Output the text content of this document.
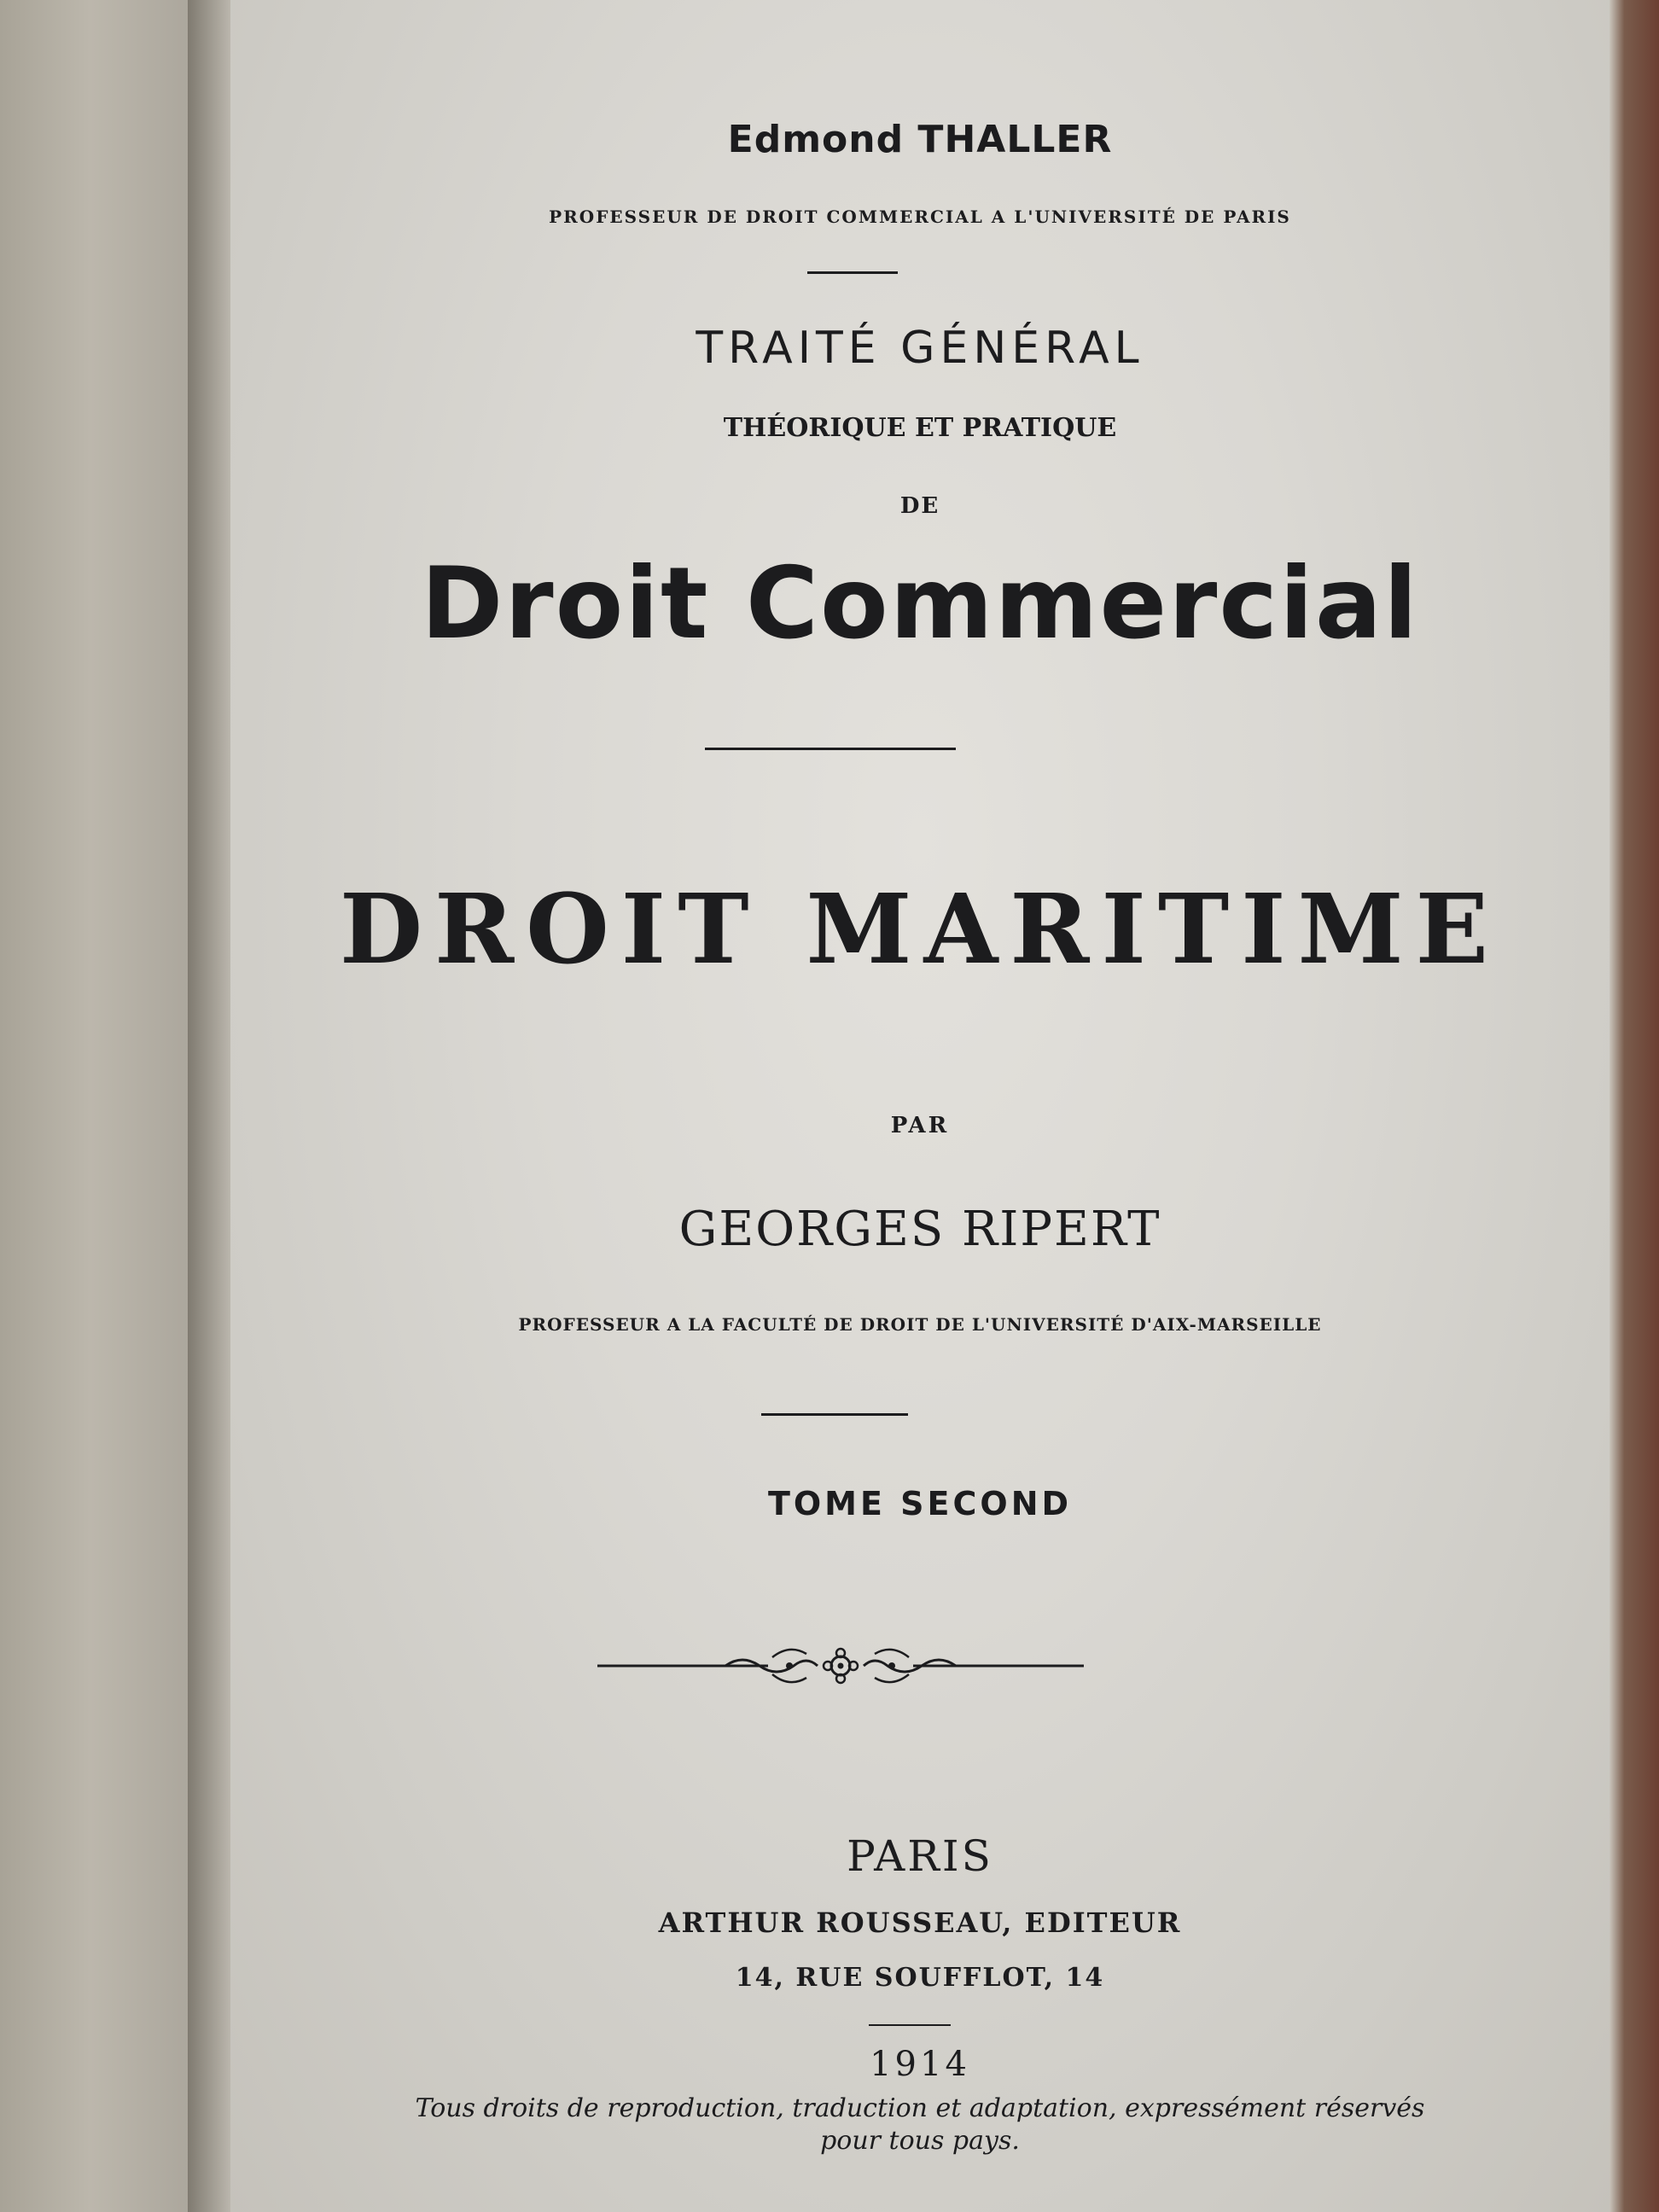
Edmond THALLER
PROFESSEUR DE DROIT COMMERCIAL A L'UNIVERSITÉ DE PARIS
TRAITÉ GÉNÉRAL
THÉORIQUE ET PRATIQUE
DE
Droit Commercial
DROIT MARITIME
PAR
GEORGES RIPERT
PROFESSEUR A LA FACULTÉ DE DROIT DE L'UNIVERSITÉ D'AIX-MARSEILLE
TOME SECOND
PARIS
ARTHUR ROUSSEAU, EDITEUR
14, RUE SOUFFLOT, 14
1914
Tous droits de reproduction, traduction et adaptation, expressément réservés
pour tous pays.
